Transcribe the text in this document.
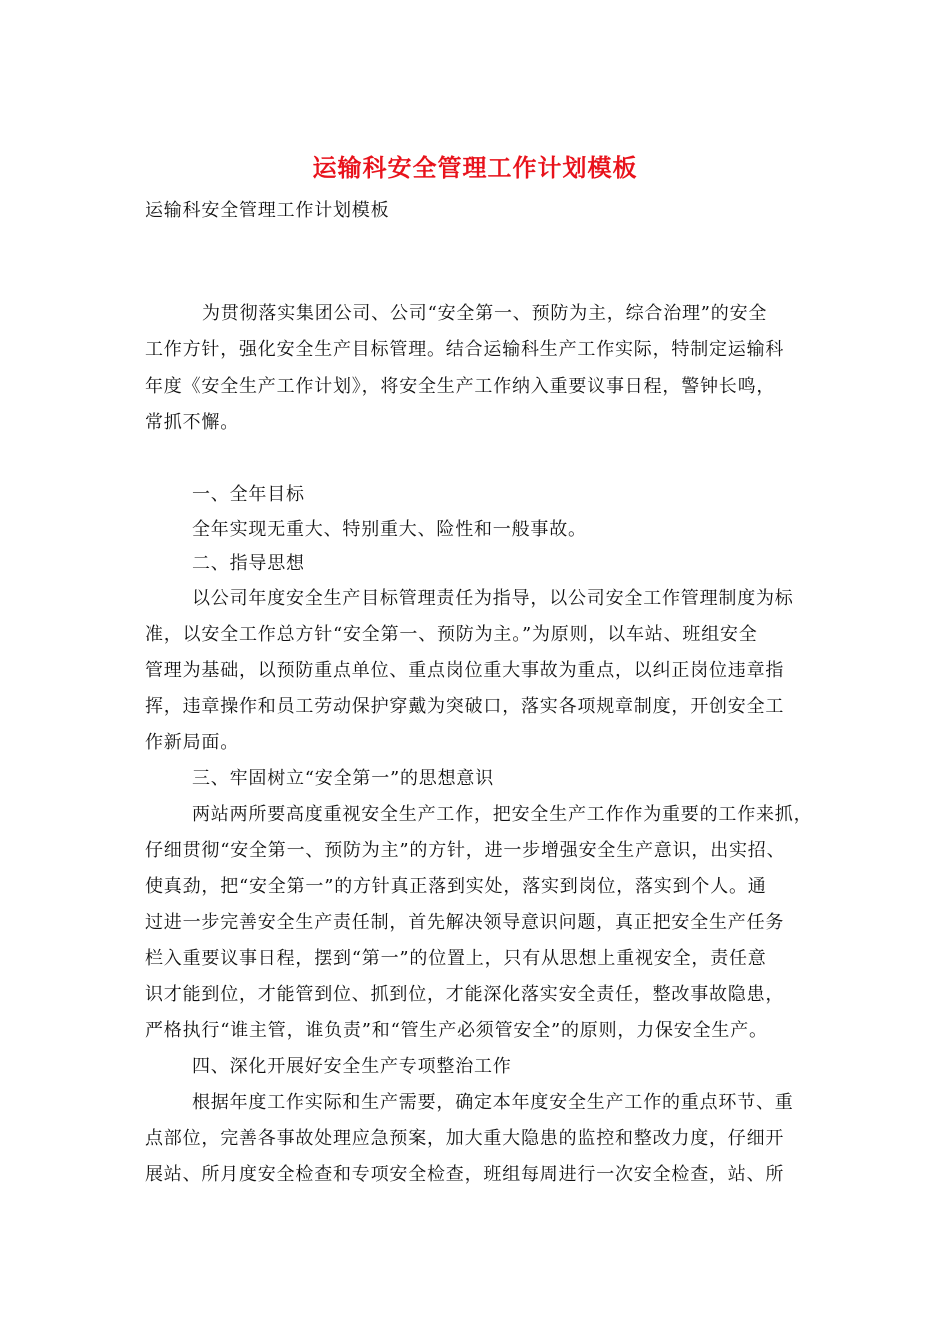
运输科安全管理工作计划模板
运输科安全管理工作计划模板
为贯彻落实集团公司、公司“安全第一、预防为主，综合治理”的安全
工作方针，强化安全生产目标管理。结合运输科生产工作实际，特制定运输科
年度《安全生产工作计划》，将安全生产工作纳入重要议事日程，警钟长鸣，
常抓不懈。
一、全年目标
全年实现无重大、特别重大、险性和一般事故。
二、指导思想
以公司年度安全生产目标管理责任为指导，以公司安全工作管理制度为标
准，以安全工作总方针“安全第一、预防为主。”为原则，以车站、班组安全
管理为基础，以预防重点单位、重点岗位重大事故为重点，以纠正岗位违章指
挥，违章操作和员工劳动保护穿戴为突破口，落实各项规章制度，开创安全工
作新局面。
三、牢固树立“安全第一”的思想意识
两站两所要高度重视安全生产工作，把安全生产工作作为重要的工作来抓，
仔细贯彻“安全第一、预防为主”的方针，进一步增强安全生产意识，出实招、
使真劲，把“安全第一”的方针真正落到实处，落实到岗位，落实到个人。通
过进一步完善安全生产责任制，首先解决领导意识问题，真正把安全生产任务
栏入重要议事日程，摆到“第一”的位置上，只有从思想上重视安全，责任意
识才能到位，才能管到位、抓到位，才能深化落实安全责任，整改事故隐患，
严格执行“谁主管，谁负责”和“管生产必须管安全”的原则，力保安全生产。
四、深化开展好安全生产专项整治工作
根据年度工作实际和生产需要，确定本年度安全生产工作的重点环节、重
点部位，完善各事故处理应急预案，加大重大隐患的监控和整改力度，仔细开
展站、所月度安全检查和专项安全检查，班组每周进行一次安全检查，站、所
